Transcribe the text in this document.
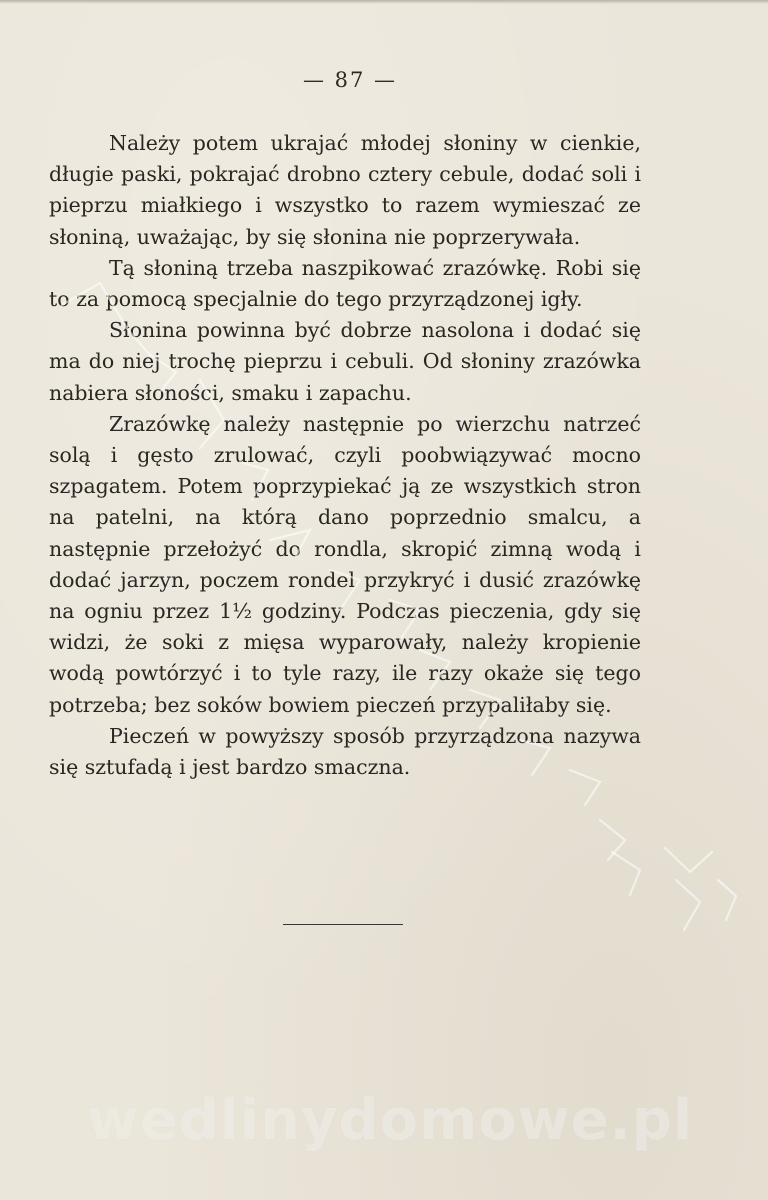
— 87 —

Należy potem ukrajać młodej słoniny w cienkie, długie paski, pokrajać drobno cztery cebule, dodać soli i pieprzu miałkiego i wszystko to razem wymieszać ze słoniną, uważając, by się słonina nie poprzerywała.

Tą słoniną trzeba naszpikować zrazówkę. Robi się to za pomocą specjalnie do tego przyrządzonej igły.

Słonina powinna być dobrze nasolona i dodać się ma do niej trochę pieprzu i cebuli. Od słoniny zrazówka nabiera słoności, smaku i zapachu.

Zrazówkę należy następnie po wierzchu natrzeć solą i gęsto zrulować, czyli poobwiązywać mocno szpagatem. Potem poprzypiekać ją ze wszystkich stron na patelni, na którą dano poprzednio smalcu, a następnie przełożyć do rondla, skropić zimną wodą i dodać jarzyn, poczem rondel przykryć i dusić zrazówkę na ogniu przez 1½ godziny. Podczas pieczenia, gdy się widzi, że soki z mięsa wyparowały, należy kropienie wodą powtórzyć i to tyle razy, ile razy okaże się tego potrzeba; bez soków bowiem pieczeń przypaliłaby się.

Pieczeń w powyższy sposób przyrządzona nazywa się sztufadą i jest bardzo smaczna.

wedlinydomowe.pl
